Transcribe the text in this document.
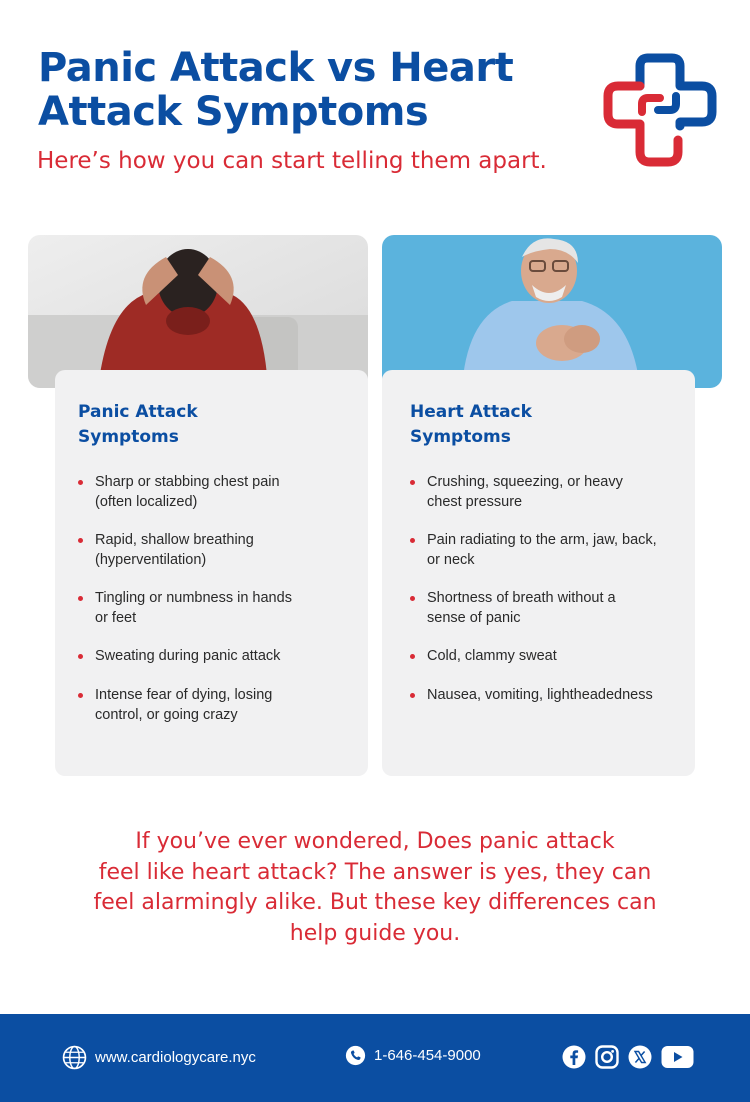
Panic Attack vs Heart
Attack Symptoms
Here’s how you can start telling them apart.
Panic Attack
Symptoms
Sharp or stabbing chest pain
(often localized)
Rapid, shallow breathing
(hyperventilation)
Tingling or numbness in hands
or feet
Sweating during panic attack
Intense fear of dying, losing
control, or going crazy
Heart Attack
Symptoms
Crushing, squeezing, or heavy
chest pressure
Pain radiating to the arm, jaw, back,
or neck
Shortness of breath without a
sense of panic
Cold, clammy sweat
Nausea, vomiting, lightheadedness
If you’ve ever wondered, Does panic attack
feel like heart attack? The answer is yes, they can
feel alarmingly alike. But these key differences can
help guide you.
www.cardiologycare.nyc	1-646-454-9000
